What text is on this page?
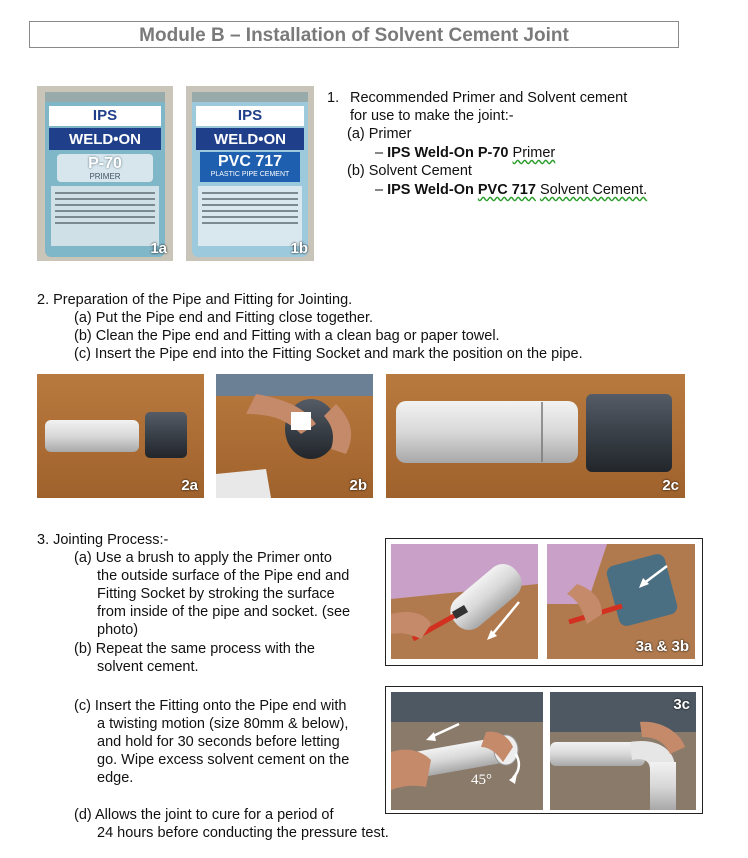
Module B – Installation of Solvent Cement Joint
IPS
WELD•ON
P-70
PRIMER
1a
IPS
WELD•ON
PVC 717
PLASTIC PIPE CEMENT
1b
1. Recommended Primer and Solvent cement
for use to make the joint:-
(a) Primer
– IPS Weld-On P-70 Primer
(b) Solvent Cement
– IPS Weld-On PVC 717 Solvent Cement.
2. Preparation of the Pipe and Fitting for Jointing.
(a) Put the Pipe end and Fitting close together.
(b) Clean the Pipe end and Fitting with a clean bag or paper towel.
(c) Insert the Pipe end into the Fitting Socket and mark the position on the pipe.
2a	2b	2c
3. Jointing Process:-
(a) Use a brush to apply the Primer onto
the outside surface of the Pipe end and
Fitting Socket by stroking the surface
from inside of the pipe and socket. (see
photo)
(b) Repeat the same process with the
solvent cement.
(c) Insert the Fitting onto the Pipe end with
a twisting motion (size 80mm & below),
and hold for 30 seconds before letting
go. Wipe excess solvent cement on the
edge.
(d) Allows the joint to cure for a period of
24 hours before conducting the pressure test.
3a & 3b
45°
3c
